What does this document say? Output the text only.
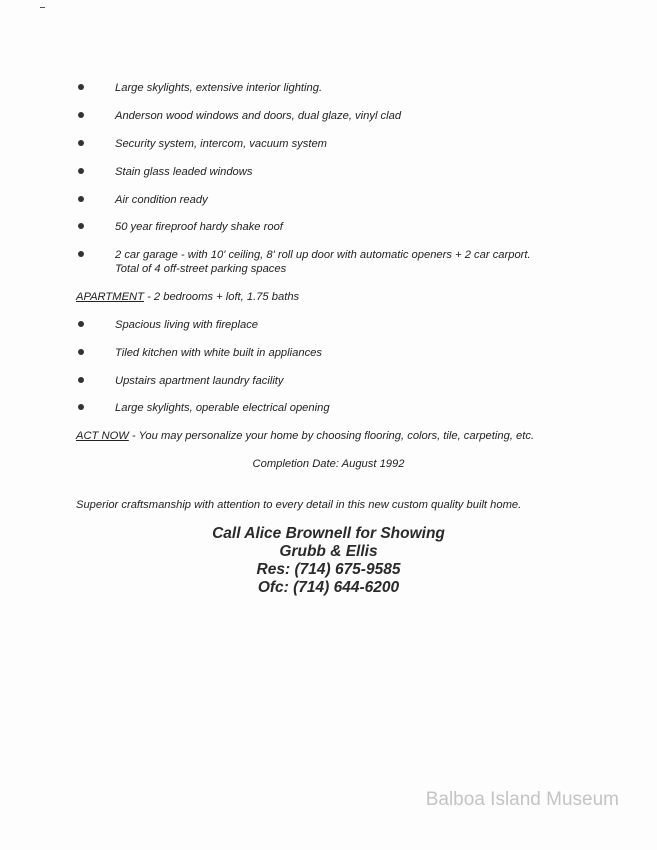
Large skylights, extensive interior lighting.
Anderson wood windows and doors, dual glaze, vinyl clad
Security system, intercom, vacuum system
Stain glass leaded windows
Air condition ready
50 year fireproof hardy shake roof
2 car garage - with 10' ceiling, 8' roll up door with automatic openers + 2 car carport.
Total of 4 off-street parking spaces
APARTMENT - 2 bedrooms + loft, 1.75 baths
Spacious living with fireplace
Tiled kitchen with white built in appliances
Upstairs apartment laundry facility
Large skylights, operable electrical opening
ACT NOW - You may personalize your home by choosing flooring, colors, tile, carpeting, etc.
Completion Date: August 1992
Superior craftsmanship with attention to every detail in this new custom quality built home.
Call Alice Brownell for Showing
Grubb & Ellis
Res: (714) 675-9585
Ofc: (714) 644-6200
Balboa Island Museum
